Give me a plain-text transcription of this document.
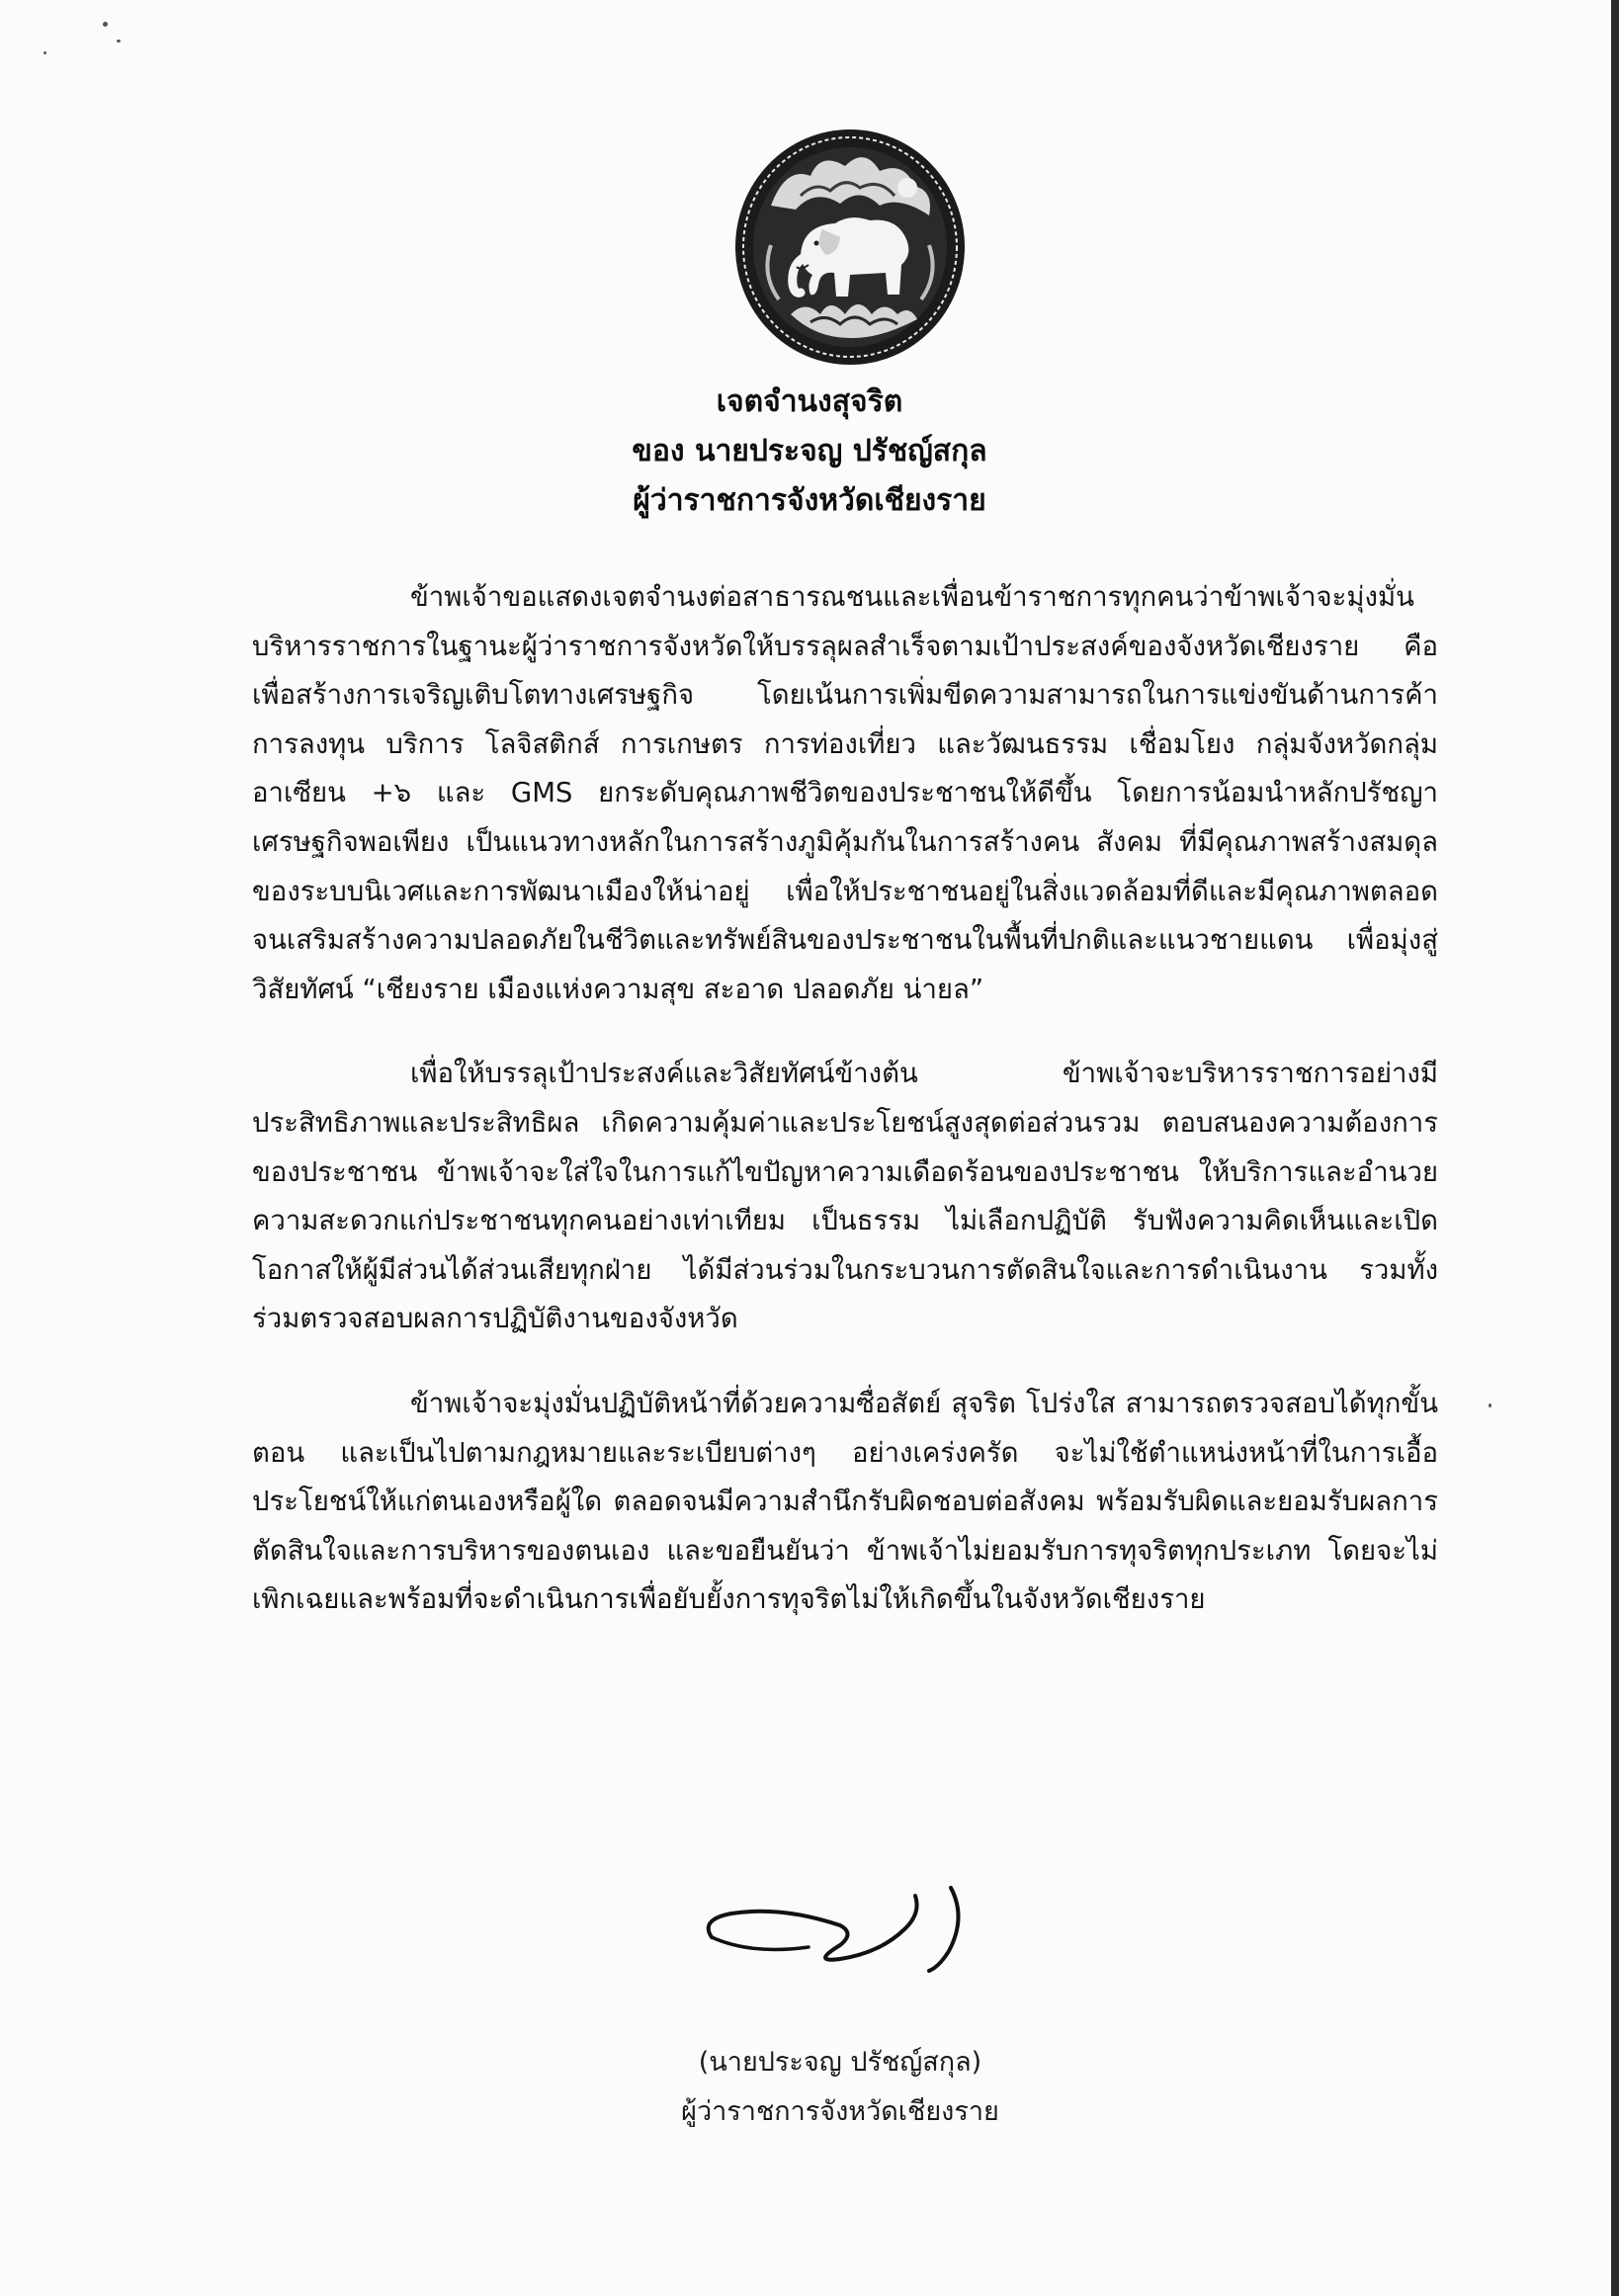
เจตจำนงสุจริต
ของ นายประจญ ปรัชญ์สกุล
ผู้ว่าราชการจังหวัดเชียงราย

ข้าพเจ้าขอแสดงเจตจำนงต่อสาธารณชนและเพื่อนข้าราชการทุกคนว่าข้าพเจ้าจะมุ่งมั่นบริหารราชการในฐานะผู้ว่าราชการจังหวัดให้บรรลุผลสำเร็จตามเป้าประสงค์ของจังหวัดเชียงราย คือ เพื่อสร้างการเจริญเติบโตทางเศรษฐกิจ โดยเน้นการเพิ่มขีดความสามารถในการแข่งขันด้านการค้า การลงทุน บริการ โลจิสติกส์ การเกษตร การท่องเที่ยว และวัฒนธรรม เชื่อมโยง กลุ่มจังหวัดกลุ่มอาเซียน +๖ และ GMS ยกระดับคุณภาพชีวิตของประชาชนให้ดีขึ้น โดยการน้อมนำหลักปรัชญาเศรษฐกิจพอเพียง เป็นแนวทางหลักในการสร้างภูมิคุ้มกันในการสร้างคน สังคม ที่มีคุณภาพสร้างสมดุลของระบบนิเวศและการพัฒนาเมืองให้น่าอยู่ เพื่อให้ประชาชนอยู่ในสิ่งแวดล้อมที่ดีและมีคุณภาพตลอดจนเสริมสร้างความปลอดภัยในชีวิตและทรัพย์สินของประชาชนในพื้นที่ปกติและแนวชายแดน เพื่อมุ่งสู่วิสัยทัศน์ “เชียงราย เมืองแห่งความสุข สะอาด ปลอดภัย น่ายล”

เพื่อให้บรรลุเป้าประสงค์และวิสัยทัศน์ข้างต้น ข้าพเจ้าจะบริหารราชการอย่างมีประสิทธิภาพและประสิทธิผล เกิดความคุ้มค่าและประโยชน์สูงสุดต่อส่วนรวม ตอบสนองความต้องการของประชาชน ข้าพเจ้าจะใส่ใจในการแก้ไขปัญหาความเดือดร้อนของประชาชน ให้บริการและอำนวยความสะดวกแก่ประชาชนทุกคนอย่างเท่าเทียม เป็นธรรม ไม่เลือกปฏิบัติ รับฟังความคิดเห็นและเปิดโอกาสให้ผู้มีส่วนได้ส่วนเสียทุกฝ่าย ได้มีส่วนร่วมในกระบวนการตัดสินใจและการดำเนินงาน รวมทั้งร่วมตรวจสอบผลการปฏิบัติงานของจังหวัด

ข้าพเจ้าจะมุ่งมั่นปฏิบัติหน้าที่ด้วยความซื่อสัตย์ สุจริต โปร่งใส สามารถตรวจสอบได้ทุกขั้นตอน และเป็นไปตามกฎหมายและระเบียบต่างๆ อย่างเคร่งครัด จะไม่ใช้ตำแหน่งหน้าที่ในการเอื้อประโยชน์ให้แก่ตนเองหรือผู้ใด ตลอดจนมีความสำนึกรับผิดชอบต่อสังคม พร้อมรับผิดและยอมรับผลการตัดสินใจและการบริหารของตนเอง และขอยืนยันว่า ข้าพเจ้าไม่ยอมรับการทุจริตทุกประเภท โดยจะไม่เพิกเฉยและพร้อมที่จะดำเนินการเพื่อยับยั้งการทุจริตไม่ให้เกิดขึ้นในจังหวัดเชียงราย

(นายประจญ ปรัชญ์สกุล)
ผู้ว่าราชการจังหวัดเชียงราย
